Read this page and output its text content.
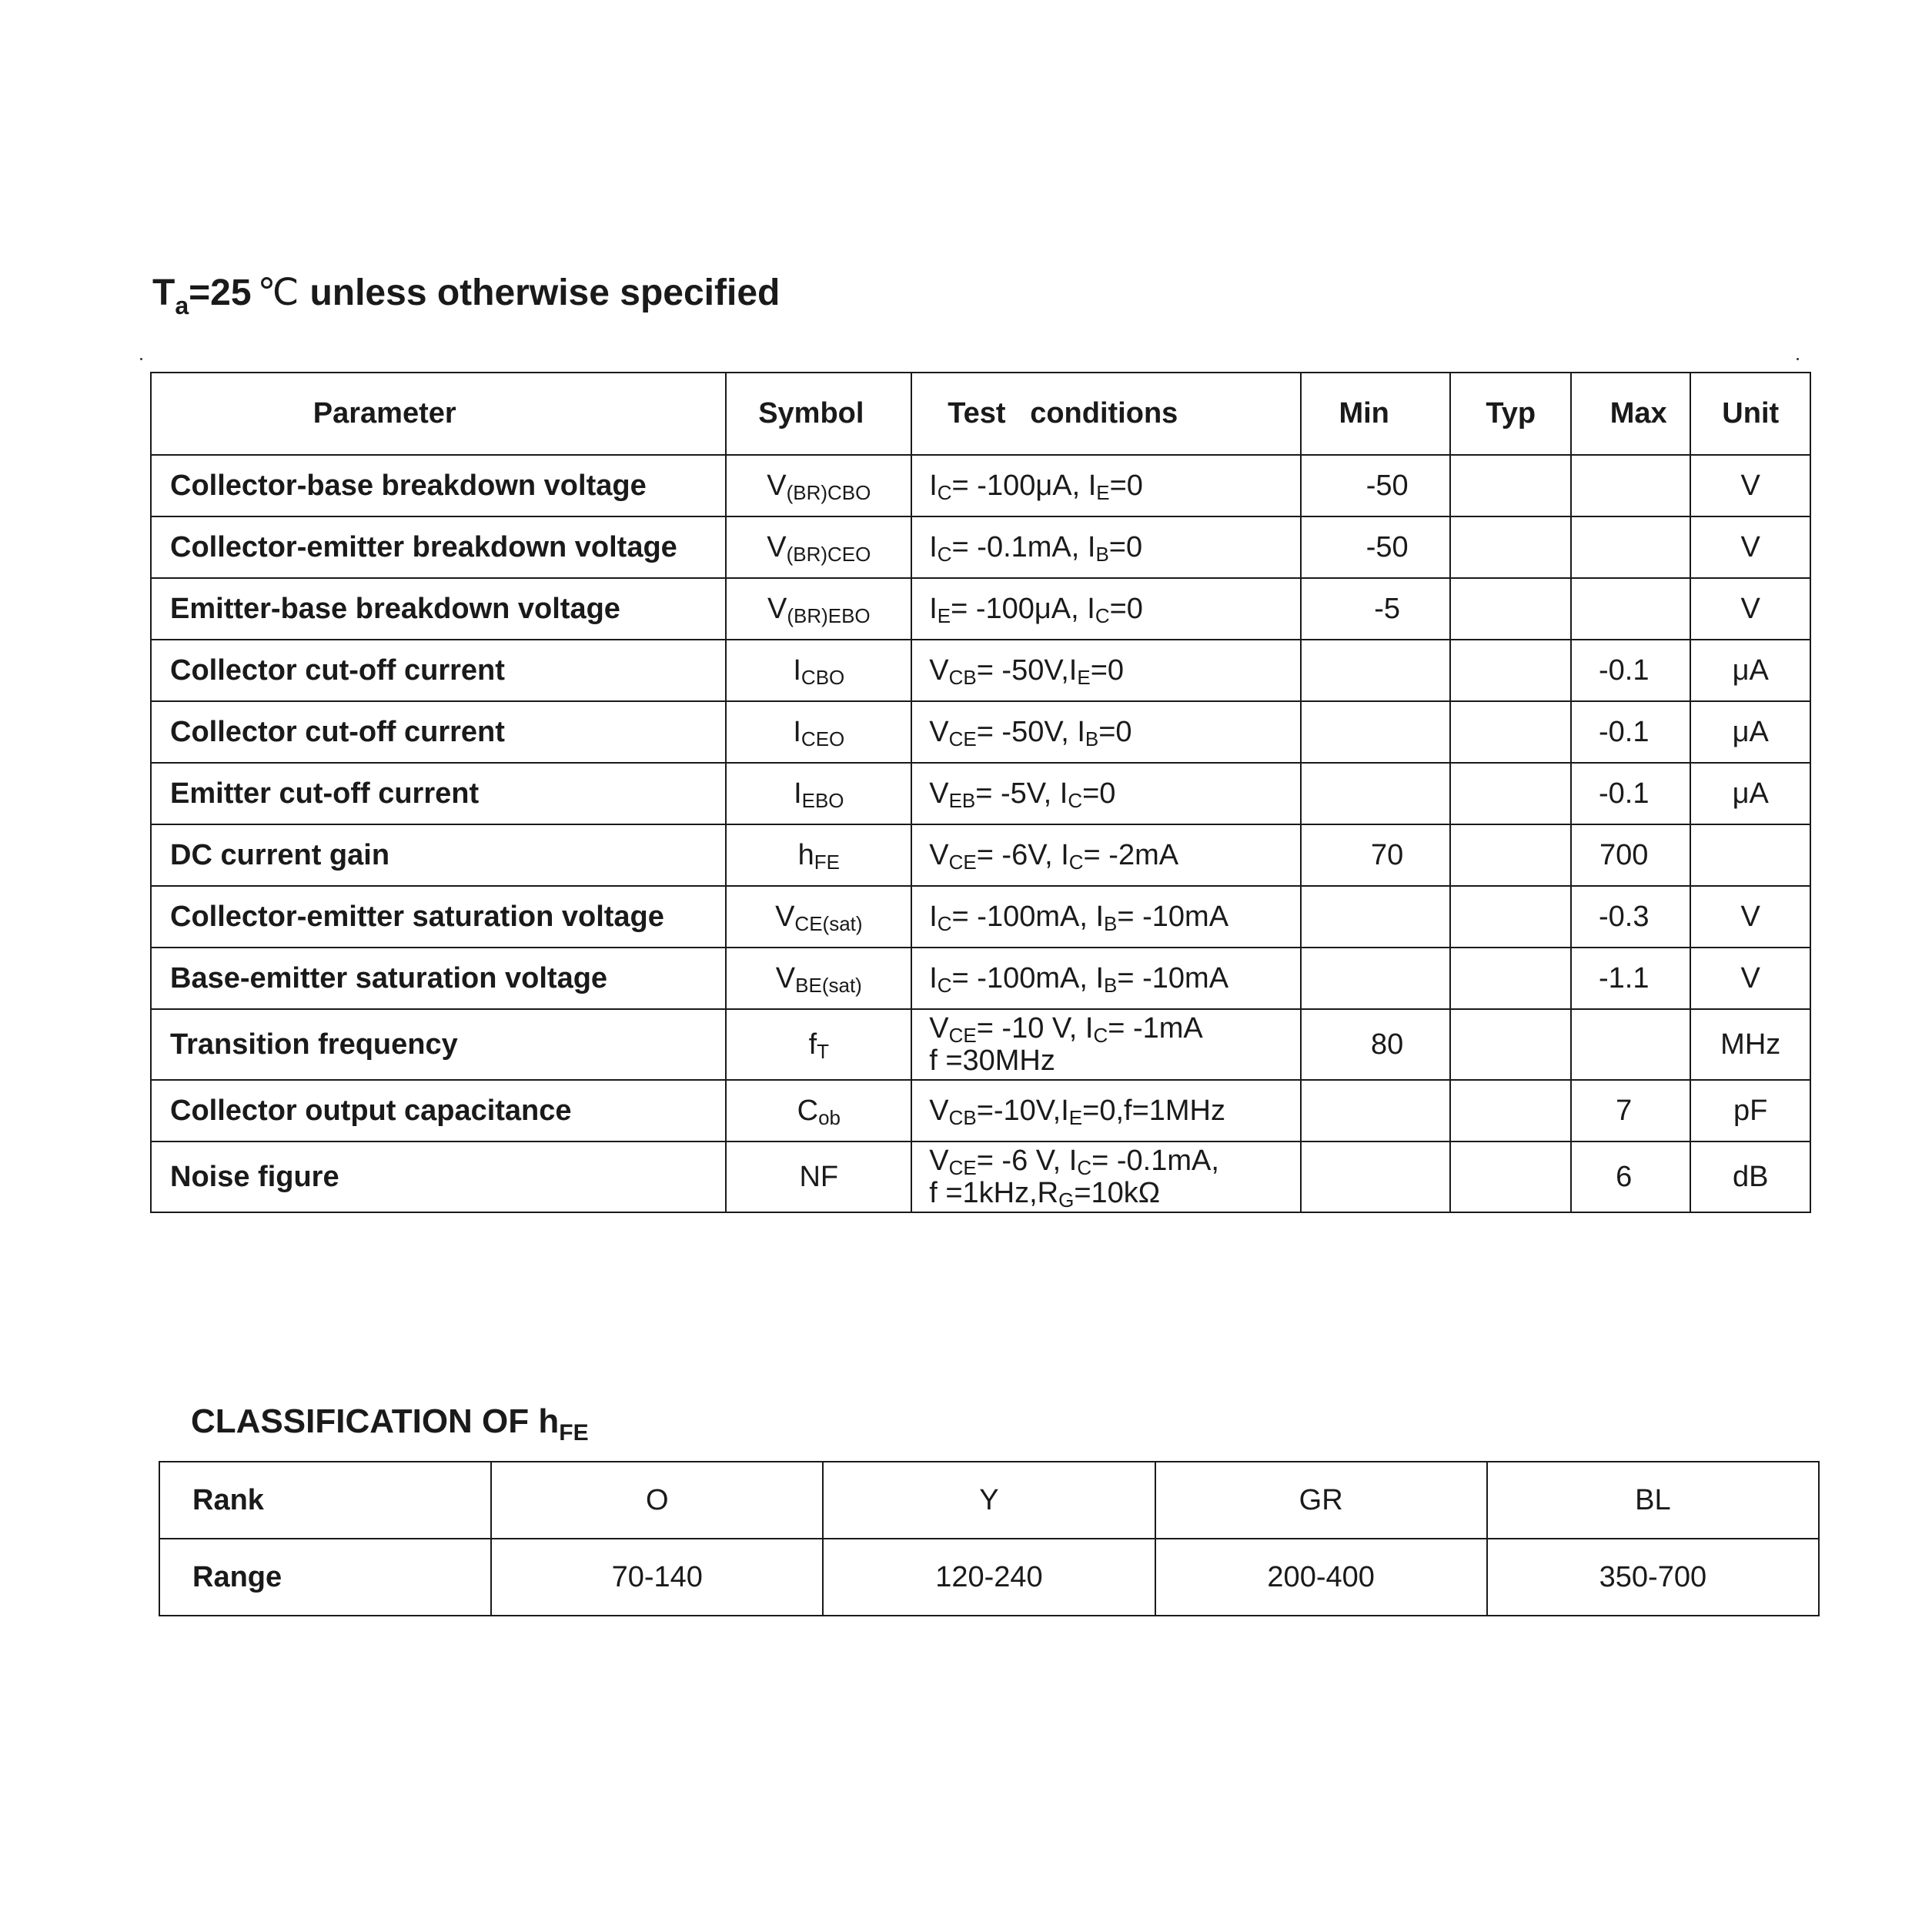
$T_a=25$ ℃ unless otherwise specified
Parameter	Symbol	Test   conditions	Min	Typ	Max	Unit
Collector-base breakdown voltage	$V_{(BR)CBO}$	$I_C= -100\mu A$, $I_E=0$	-50			V
Collector-emitter breakdown voltage	$V_{(BR)CEO}$	$I_C= -0.1mA$, $I_B=0$	-50			V
Emitter-base breakdown voltage	$V_{(BR)EBO}$	$I_E= -100\mu A$, $I_C=0$	-5			V
Collector cut-off current	$I_{CBO}$	$V_{CB}= -50V,I_E=0$			-0.1	μA
Collector cut-off current	$I_{CEO}$	$V_{CE}= -50V$, $I_B=0$			-0.1	μA
Emitter cut-off current	$I_{EBO}$	$V_{EB}= -5V$, $I_C=0$			-0.1	μA
DC current gain	$h_{FE}$	$V_{CE}= -6V$, $I_C= -2mA$	70		700	
Collector-emitter saturation voltage	$V_{CE(sat)}$	$I_C= -100mA$, $I_B= -10mA$			-0.3	V
Base-emitter saturation voltage	$V_{BE(sat)}$	$I_C= -100mA$, $I_B= -10mA$			-1.1	V
Transition frequency	$f_T$	$V_{CE}= -10$ V, $I_C= -1mA$
f =30MHz	80			MHz
Collector output capacitance	$C_{ob}$	$V_{CB}=-10V,I_E=0,f=1MHz$			7	pF
Noise figure	NF	$V_{CE}= -6$ V, $I_C= -0.1mA$,
$f =1kHz,R_G=10k\Omega$			6	dB
CLASSIFICATION OF $h_{FE}$
Rank	O	Y	GR	BL
Range	70-140	120-240	200-400	350-700
